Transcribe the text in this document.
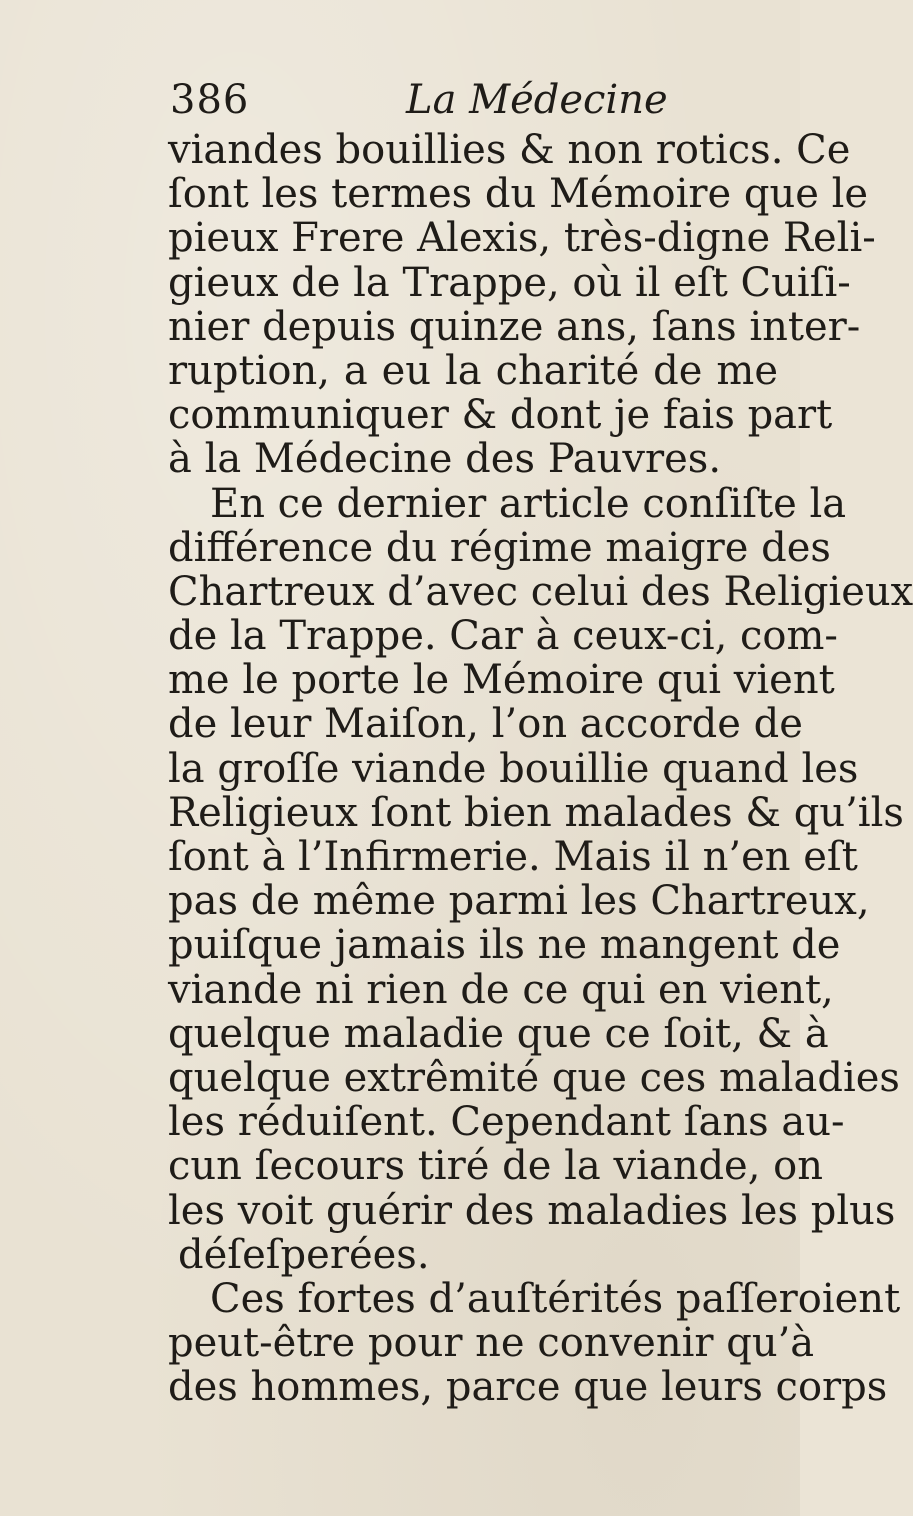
386	La Médecine
viandes bouillies & non rotics. Ce
ſont les termes du Mémoire que le
pieux Frere Alexis, très-digne Reli-
gieux de la Trappe, où il eſt Cuiſi-
nier depuis quinze ans, ſans inter-
ruption, a eu la charité de me
communiquer & dont je fais part
à la Médecine des Pauvres.
En ce dernier article conſiſte la
différence du régime maigre des
Chartreux d’avec celui des Religieux
de la Trappe. Car à ceux-ci, com-
me le porte le Mémoire qui vient
de leur Maiſon, l’on accorde de
la groſſe viande bouillie quand les
Religieux ſont bien malades & qu’ils
ſont à l’Infirmerie. Mais il n’en eſt
pas de même parmi les Chartreux,
puiſque jamais ils ne mangent de
viande ni rien de ce qui en vient,
quelque maladie que ce ſoit, & à
quelque extrêmité que ces maladies
les réduiſent. Cependant ſans au-
cun ſecours tiré de la viande, on
les voit guérir des maladies les plus
déſeſperées.
Ces fortes d’auſtérités paſſeroient
peut-être pour ne convenir qu’à
des hommes, parce que leurs corps
